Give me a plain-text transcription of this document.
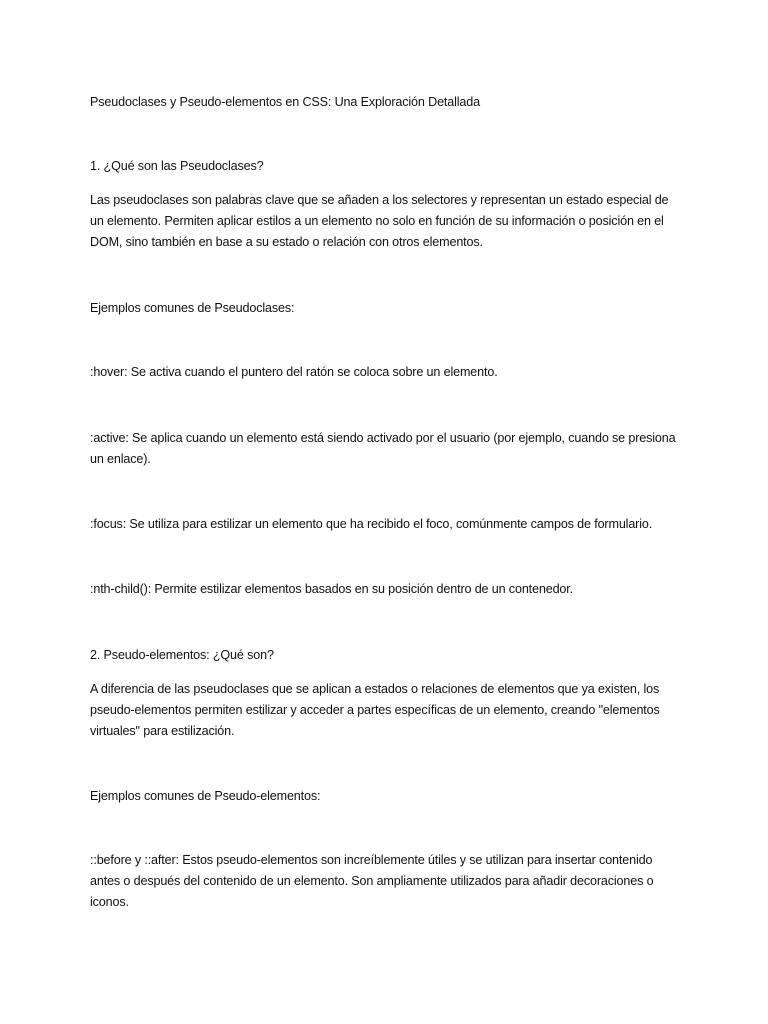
Pseudoclases y Pseudo-elementos en CSS: Una Exploración Detallada

1. ¿Qué son las Pseudoclases?

Las pseudoclases son palabras clave que se añaden a los selectores y representan un estado especial de un elemento. Permiten aplicar estilos a un elemento no solo en función de su información o posición en el DOM, sino también en base a su estado o relación con otros elementos.

Ejemplos comunes de Pseudoclases:

:hover: Se activa cuando el puntero del ratón se coloca sobre un elemento.

:active: Se aplica cuando un elemento está siendo activado por el usuario (por ejemplo, cuando se presiona un enlace).

:focus: Se utiliza para estilizar un elemento que ha recibido el foco, comúnmente campos de formulario.

:nth-child(): Permite estilizar elementos basados en su posición dentro de un contenedor.

2. Pseudo-elementos: ¿Qué son?

A diferencia de las pseudoclases que se aplican a estados o relaciones de elementos que ya existen, los pseudo-elementos permiten estilizar y acceder a partes específicas de un elemento, creando "elementos virtuales" para estilización.

Ejemplos comunes de Pseudo-elementos:

::before y ::after: Estos pseudo-elementos son increíblemente útiles y se utilizan para insertar contenido antes o después del contenido de un elemento. Son ampliamente utilizados para añadir decoraciones o iconos.
